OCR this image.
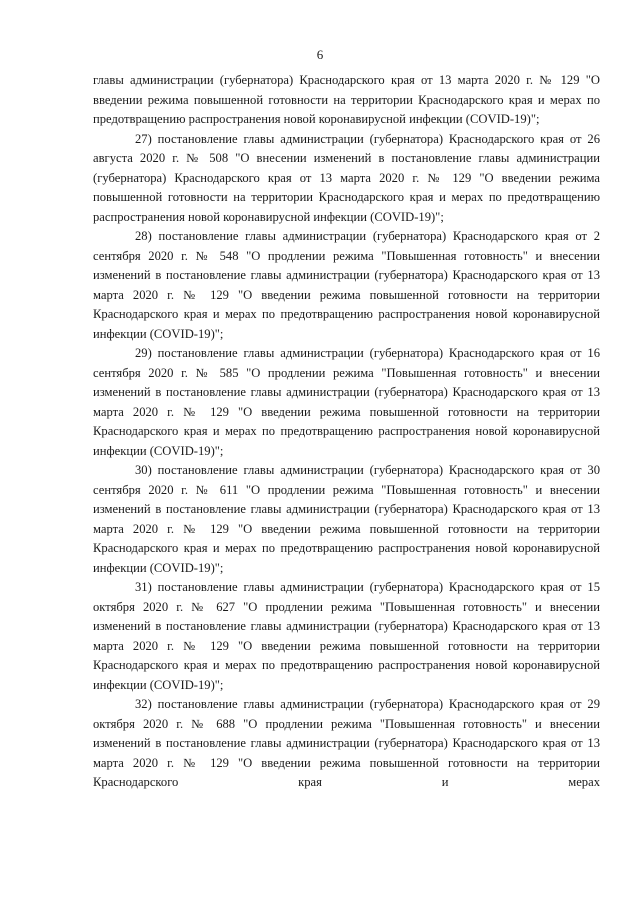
6

главы администрации (губернатора) Краснодарского края от 13 марта 2020 г. № 129 "О введении режима повышенной готовности на территории Краснодарского края и мерах по предотвращению распространения новой коронавирусной инфекции (COVID-19)";

27) постановление главы администрации (губернатора) Краснодарского края от 26 августа 2020 г. № 508 "О внесении изменений в постановление главы администрации (губернатора) Краснодарского края от 13 марта 2020 г. № 129 "О введении режима повышенной готовности на территории Краснодарского края и мерах по предотвращению распространения новой коронавирусной инфекции (COVID-19)";

28) постановление главы администрации (губернатора) Краснодарского края от 2 сентября 2020 г. № 548 "О продлении режима "Повышенная готовность" и внесении изменений в постановление главы администрации (губернатора) Краснодарского края от 13 марта 2020 г. № 129 "О введении режима повышенной готовности на территории Краснодарского края и мерах по предотвращению распространения новой коронавирусной инфекции (COVID-19)";

29) постановление главы администрации (губернатора) Краснодарского края от 16 сентября 2020 г. № 585 "О продлении режима "Повышенная готовность" и внесении изменений в постановление главы администрации (губернатора) Краснодарского края от 13 марта 2020 г. № 129 "О введении режима повышенной готовности на территории Краснодарского края и мерах по предотвращению распространения новой коронавирусной инфекции (COVID-19)";

30) постановление главы администрации (губернатора) Краснодарского края от 30 сентября 2020 г. № 611 "О продлении режима "Повышенная готовность" и внесении изменений в постановление главы администрации (губернатора) Краснодарского края от 13 марта 2020 г. № 129 "О введении режима повышенной готовности на территории Краснодарского края и мерах по предотвращению распространения новой коронавирусной инфекции (COVID-19)";

31) постановление главы администрации (губернатора) Краснодарского края от 15 октября 2020 г. № 627 "О продлении режима "Повышенная готовность" и внесении изменений в постановление главы администрации (губернатора) Краснодарского края от 13 марта 2020 г. № 129 "О введении режима повышенной готовности на территории Краснодарского края и мерах по предотвращению распространения новой коронавирусной инфекции (COVID-19)";

32) постановление главы администрации (губернатора) Краснодарского края от 29 октября 2020 г. № 688 "О продлении режима "Повышенная готовность" и внесении изменений в постановление главы администрации (губернатора) Краснодарского края от 13 марта 2020 г. № 129 "О введении режима повышенной готовности на территории Краснодарского края и мерах
